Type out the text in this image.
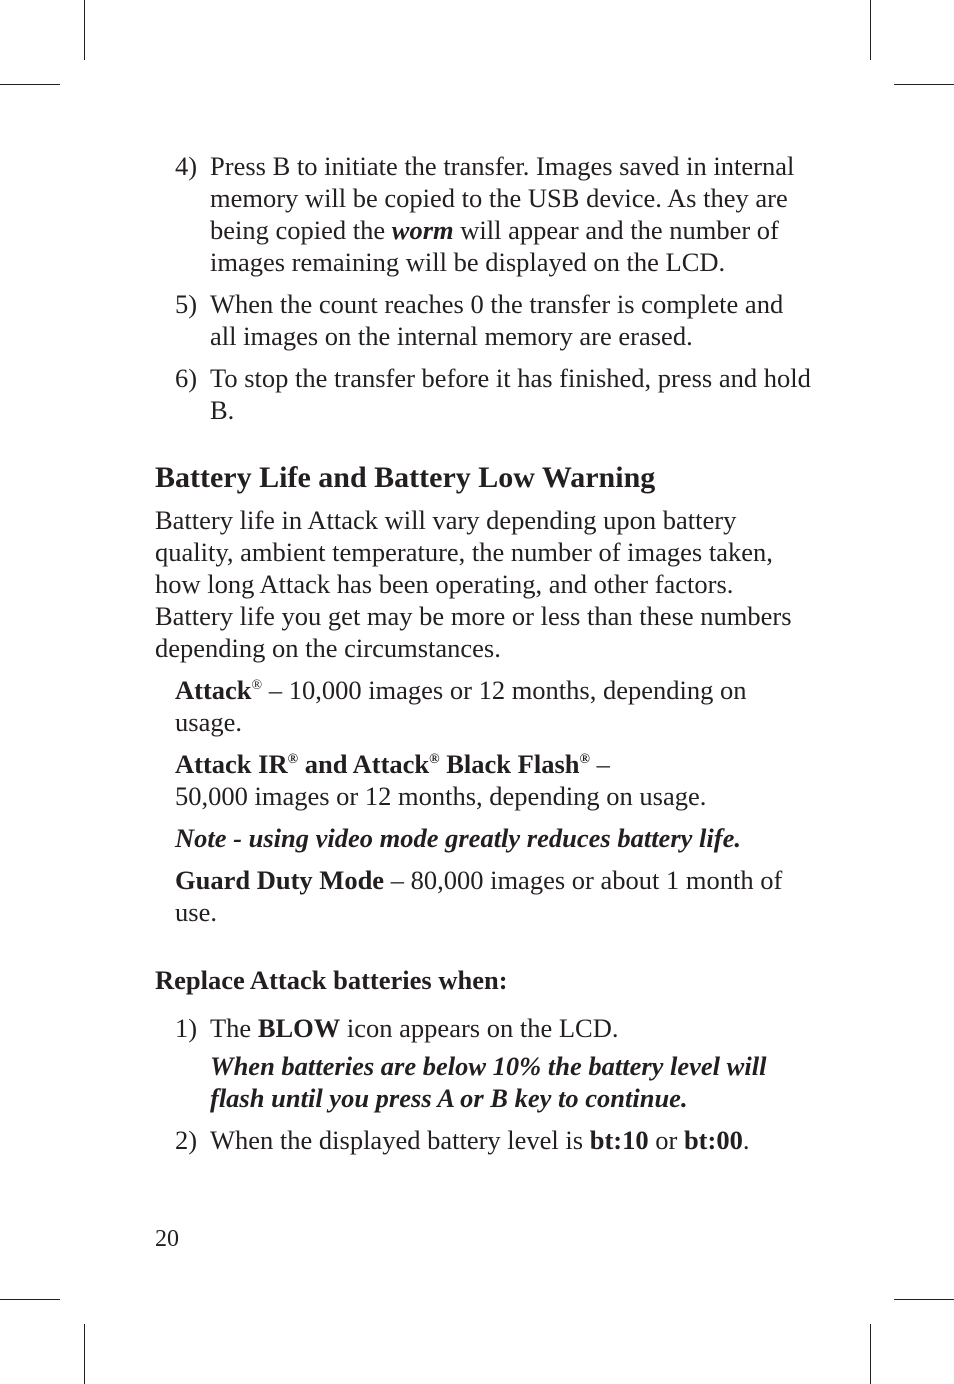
4) Press B to initiate the transfer. Images saved in internal memory will be copied to the USB device. As they are being copied the worm will appear and the number of images remaining will be displayed on the LCD.
5) When the count reaches 0 the transfer is complete and all images on the internal memory are erased.
6) To stop the transfer before it has finished, press and hold B.
Battery Life and Battery Low Warning

Battery life in Attack will vary depending upon battery quality, ambient temperature, the number of images taken, how long Attack has been operating, and other factors. Battery life you get may be more or less than these numbers depending on the circumstances.

Attack® – 10,000 images or 12 months, depending on usage.

Attack IR® and Attack® Black Flash® –
50,000 images or 12 months, depending on usage.

Note - using video mode greatly reduces battery life.

Guard Duty Mode – 80,000 images or about 1 month of use.

Replace Attack batteries when:
1) The BLOW icon appears on the LCD.
When batteries are below 10% the battery level will flash until you press A or B key to continue.
2) When the displayed battery level is bt:10 or bt:00.
20
